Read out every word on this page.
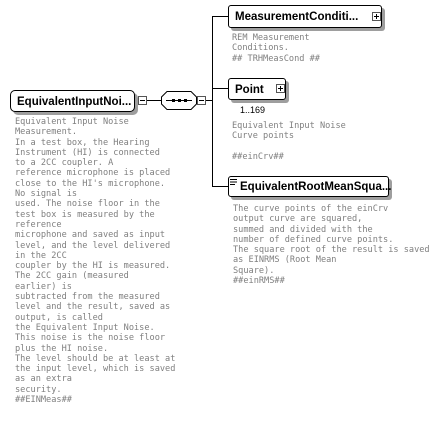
EquivalentInputNoi...
Equivalent Input Noise
Measurement.
In a test box, the Hearing
Instrument (HI) is connected
to a 2CC coupler. A
reference microphone is placed
close to the HI's microphone.
No signal is
used. The noise floor in the
test box is measured by the
reference
microphone and saved as input
level, and the level delivered
in the 2CC
coupler by the HI is measured.
The 2CC gain (measured
earlier) is
subtracted from the measured
level and the result, saved as
output, is called
the Equivalent Input Noise.
This noise is the noise floor
plus the HI noise.
The level should be at least at
the input level, which is saved
as an extra
security.
##EINMeas##
MeasurementConditi...
REM Measurement
Conditions.
## TRHMeasCond ##
Point
1..169
Equivalent Input Noise
Curve points

##einCrv##
EquivalentRootMeanSqua...
The curve points of the einCrv
output curve are squared,
summed and divided with the
number of defined curve points.
The square root of the result is saved
as EINRMS (Root Mean
Square).
##einRMS##
